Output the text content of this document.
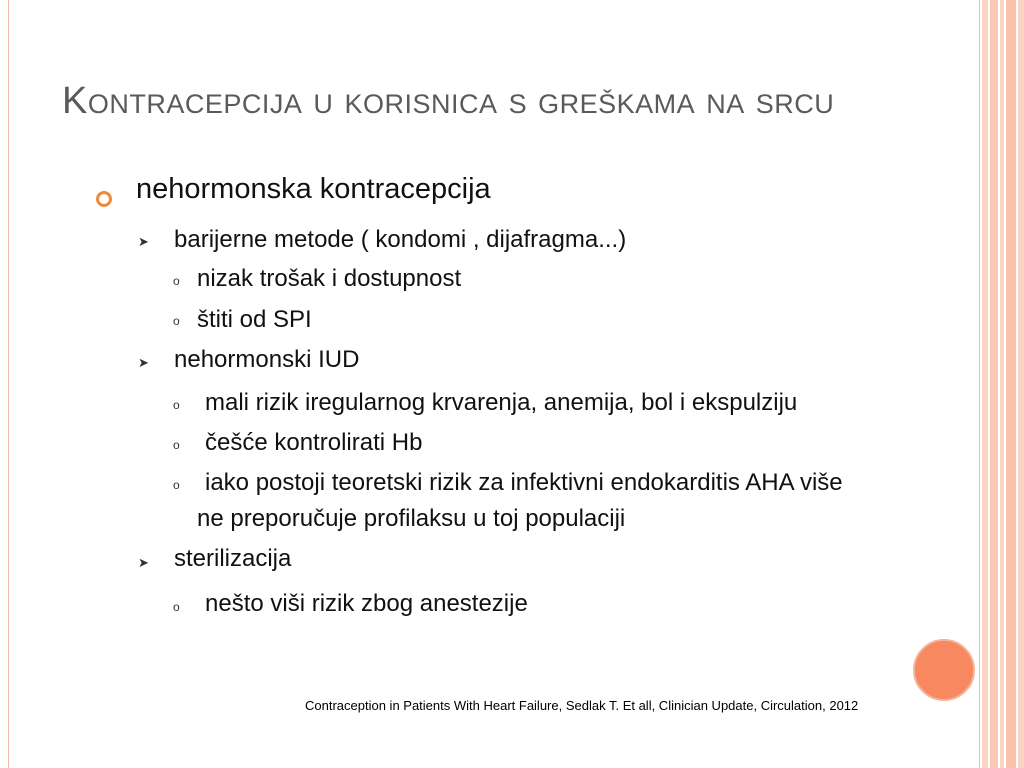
Kontracepcija u korisnica s greškama na srcu
nehormonska kontracepcija
➤ barijerne metode ( kondomi , dijafragma...)
o nizak trošak i dostupnost
o štiti od SPI
➤ nehormonski IUD
o mali rizik iregularnog krvarenja, anemija, bol i ekspulziju
o češće kontrolirati Hb
o iako postoji teoretski rizik za infektivni endokarditis AHA više
ne preporučuje profilaksu u toj populaciji
➤ sterilizacija
o nešto viši rizik zbog anestezije
Contraception in Patients With Heart Failure, Sedlak T. Et all, Clinician Update, Circulation, 2012
